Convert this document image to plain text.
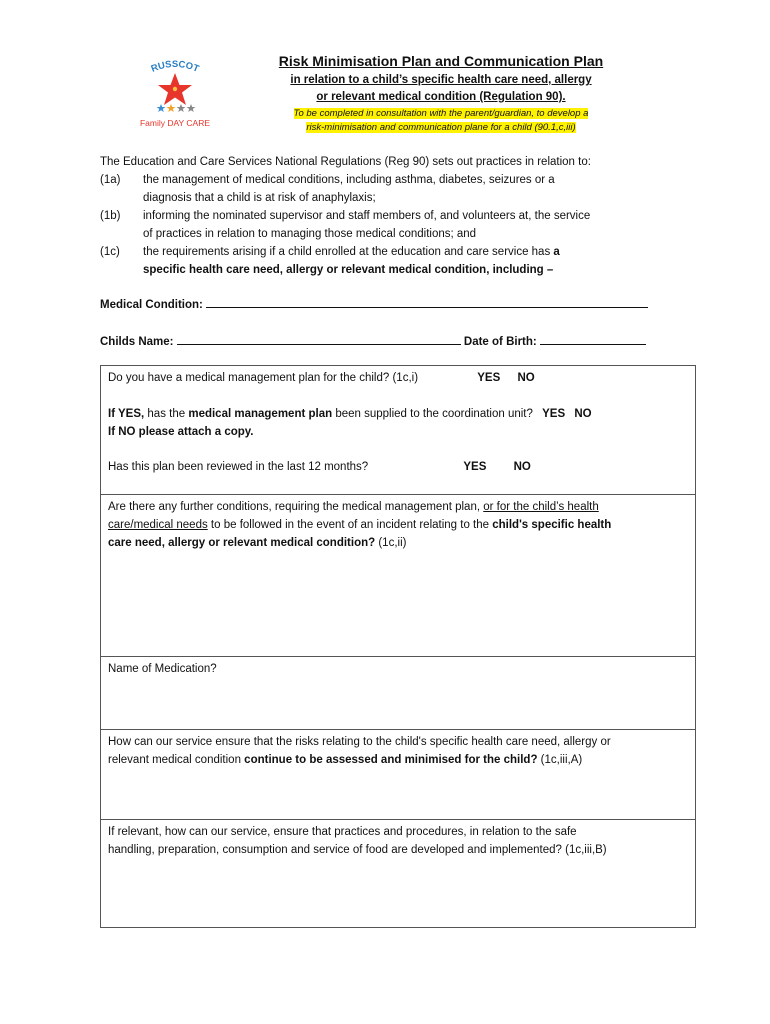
RUSSCOT
Family DAY CARE

Risk Minimisation Plan and Communication Plan

in relation to a child’s specific health care need, allergy

or relevant medical condition (Regulation 90).

To be completed in consultation with the parent/guardian, to develop a
risk-minimisation and communication plane for a child (90.1,c,iii)

The Education and Care Services National Regulations (Reg 90) sets out practices in relation to:

(1a)	the management of medical conditions, including asthma, diabetes, seizures or a
diagnosis that a child is at risk of anaphylaxis;
(1b)	informing the nominated supervisor and staff members of, and volunteers at, the service
of practices in relation to managing those medical conditions; and
(1c)	the requirements arising if a child enrolled at the education and care service has a
specific health care need, allergy or relevant medical condition, including –
Medical Condition:
Childs Name:	Date of Birth:
Do you have a medical management plan for the child? (1c,i)	YES NO
If YES, has the medical management plan been supplied to the coordination unit? YES NO
If NO please attach a copy.
Has this plan been reviewed in the last 12 months?	YES NO

Are there any further conditions, requiring the medical management plan, or for the child’s health
care/medical needs to be followed in the event of an incident relating to the child's specific health
care need, allergy or relevant medical condition? (1c,ii)
Name of Medication?
How can our service ensure that the risks relating to the child's specific health care need, allergy or
relevant medical condition continue to be assessed and minimised for the child? (1c,iii,A)
If relevant, how can our service, ensure that practices and procedures, in relation to the safe
handling, preparation, consumption and service of food are developed and implemented? (1c,iii,B)
